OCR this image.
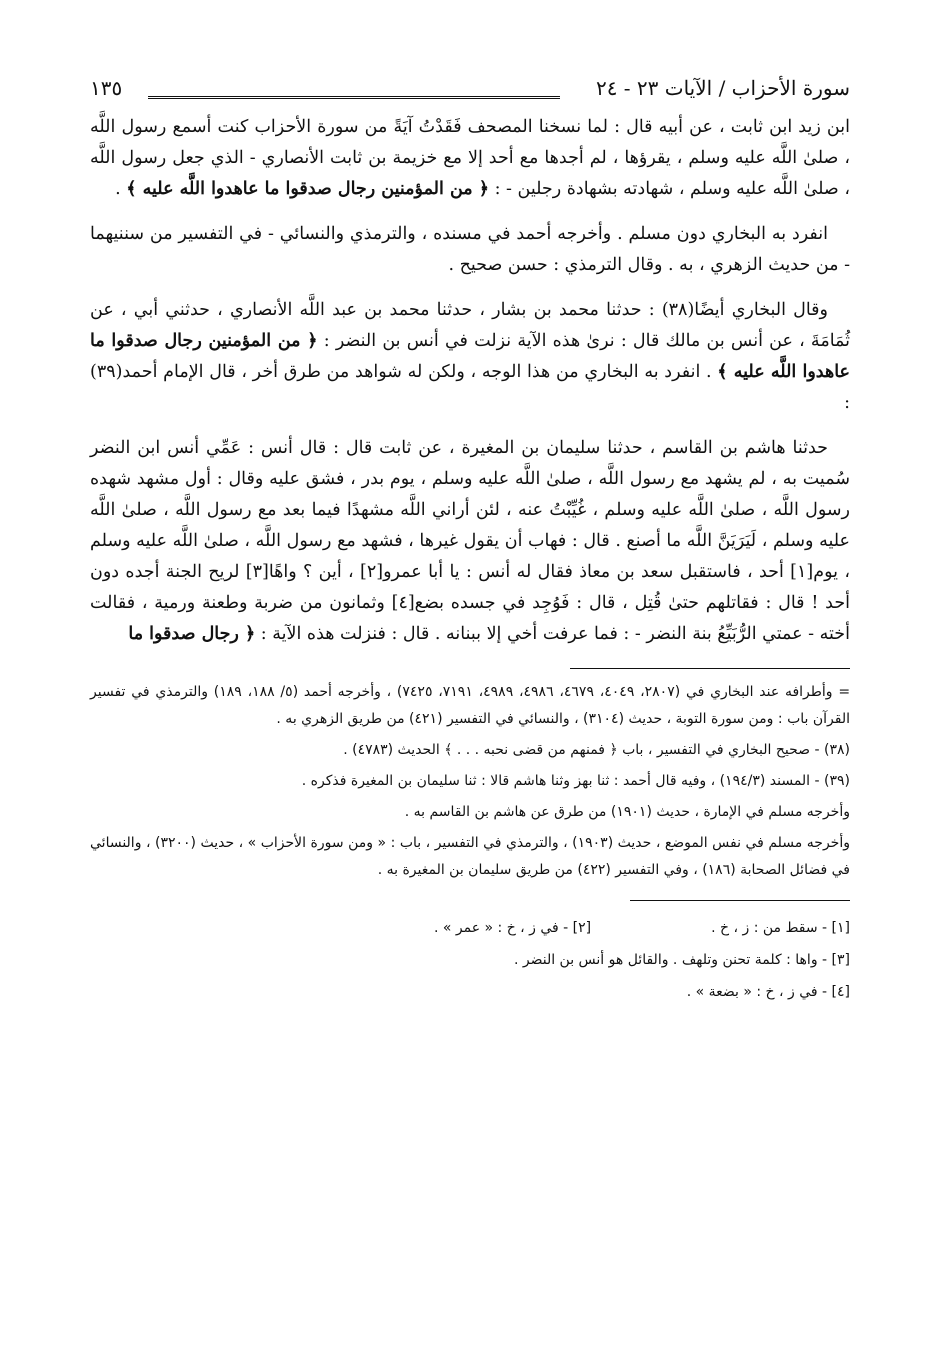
سورة الأحزاب / الآيات ٢٣ - ٢٤
١٣٥

ابن زيد ابن ثابت ، عن أبيه قال : لما نسخنا المصحف فَقَدْتُ آيَةً من سورة الأحزاب كنت أسمع رسول اللَّه ، صلىٰ اللَّه عليه وسلم ، يقرؤها ، لم أجدها مع أحد إلا مع خزيمة بن ثابت الأنصاري - الذي جعل رسول اللَّه ، صلىٰ اللَّه عليه وسلم ، شهادته بشهادة رجلين - : ﴿ من المؤمنين رجال صدقوا ما عاهدوا اللَّه عليه ﴾ .

انفرد به البخاري دون مسلم . وأخرجه أحمد في مسنده ، والترمذي والنسائي - في التفسير من سننيهما - من حديث الزهري ، به . وقال الترمذي : حسن صحيح .

وقال البخاري أيضًا(٣٨) : حدثنا محمد بن بشار ، حدثنا محمد بن عبد اللَّه الأنصاري ، حدثني أبي ، عن ثُمَامَةَ ، عن أنس بن مالك قال : نرىٰ هذه الآية نزلت في أنس بن النضر : ﴿ من المؤمنين رجال صدقوا ما عاهدوا اللَّه عليه ﴾ . انفرد به البخاري من هذا الوجه ، ولكن له شواهد من طرق أخر ، قال الإمام أحمد(٣٩) :

حدثنا هاشم بن القاسم ، حدثنا سليمان بن المغيرة ، عن ثابت قال : قال أنس : عَمِّي أنس ابن النضر سُميت به ، لم يشهد مع رسول اللَّه ، صلىٰ اللَّه عليه وسلم ، يوم بدر ، فشق عليه وقال : أول مشهد شهده رسول اللَّه ، صلىٰ اللَّه عليه وسلم ، غُيِّبْتُ عنه ، لئن أراني اللَّه مشهدًا فيما بعد مع رسول اللَّه ، صلىٰ اللَّه عليه وسلم ، لَيَرَيَنَّ اللَّه ما أصنع . قال : فهاب أن يقول غيرها ، فشهد مع رسول اللَّه ، صلىٰ اللَّه عليه وسلم ، يوم[١] أحد ، فاستقبل سعد بن معاذ فقال له أنس : يا أبا عمرو[٢] ، أين ؟ واهًا[٣] لريح الجنة أجده دون أحد ! قال : فقاتلهم حتىٰ قُتِل ، قال : فَوُجِد في جسده بضع[٤] وثمانون من ضربة وطعنة ورمية ، فقالت أخته - عمتي الرُّبَيِّعُ بنة النضر - : فما عرفت أخي إلا ببنانه . قال : فنزلت هذه الآية : ﴿ رجال صدقوا ما

= وأطرافه عند البخاري في (٢٨٠٧، ٤٠٤٩، ٤٦٧٩، ٤٩٨٦، ٤٩٨٩، ٧١٩١، ٧٤٢٥) ، وأخرجه أحمد (٥/ ١٨٨، ١٨٩) والترمذي في تفسير القرآن باب : ومن سورة التوبة ، حديث (٣١٠٤) ، والنسائي في التفسير (٤٢١) من طريق الزهري به .

(٣٨) - صحيح البخاري في التفسير ، باب ﴿ فمنهم من قضى نحبه . . . ﴾ الحديث (٤٧٨٣) .

(٣٩) - المسند (١٩٤/٣) ، وفيه قال أحمد : ثنا بهز وثنا هاشم قالا : ثنا سليمان بن المغيرة فذكره .

وأخرجه مسلم في الإمارة ، حديث (١٩٠١) من طرق عن هاشم بن القاسم به .

وأخرجه مسلم في نفس الموضع ، حديث (١٩٠٣) ، والترمذي في التفسير ، باب : « ومن سورة الأحزاب » ، حديث (٣٢٠٠) ، والنسائي في فضائل الصحابة (١٨٦) ، وفي التفسير (٤٢٢) من طريق سليمان بن المغيرة به .

[١] - سقط من : ز ، خ .
[٢] - في ز ، خ : « عمر » .

[٣] - واها : كلمة تحنن وتلهف . والقائل هو أنس بن النضر .

[٤] - في ز ، خ : « بضعة » .
